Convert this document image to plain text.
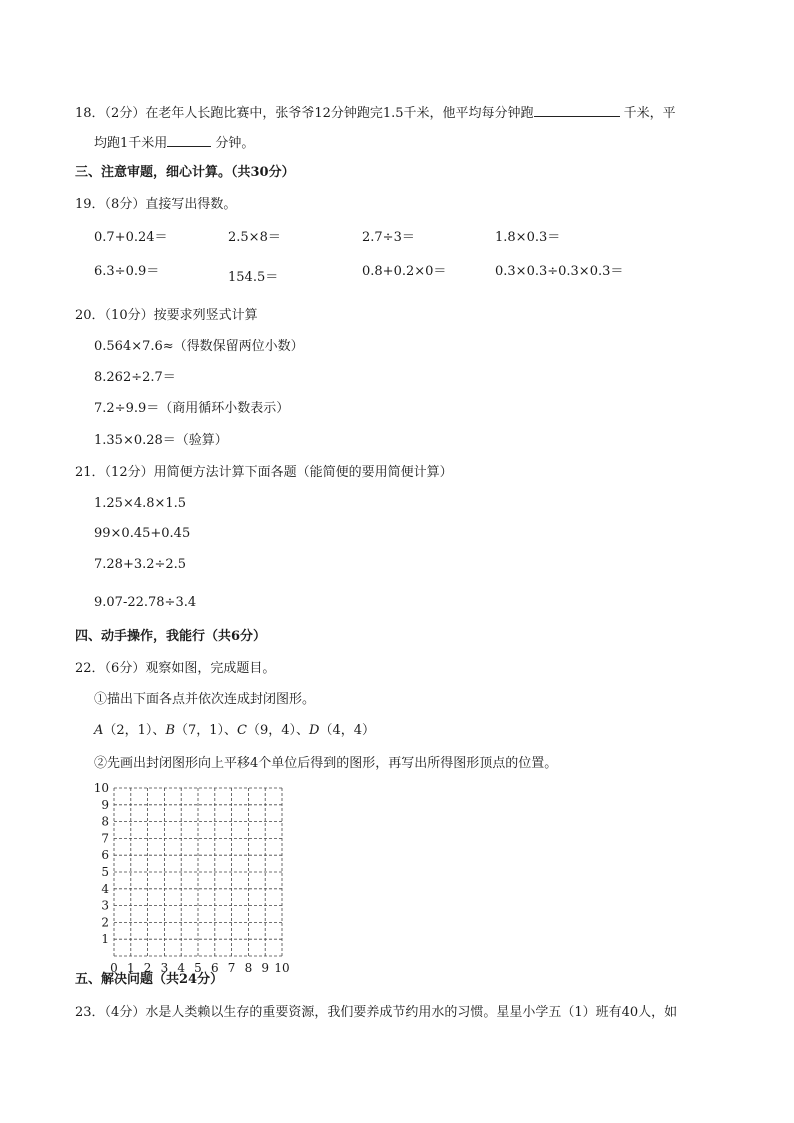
18．（2分）在老年人长跑比赛中，张爷爷12分钟跑完1.5千米，他平均每分钟跑	千米，平
均跑1千米用	分钟。
三、注意审题，细心计算。（共30分）
19．（8分）直接写出得数。
0.7+0.24＝	2.5×8＝	2.7÷3＝	1.8×0.3＝
6.3÷0.9＝	154.5＝	0.8+0.2×0＝	0.3×0.3÷0.3×0.3＝
20．（10分）按要求列竖式计算
0.564×7.6≈（得数保留两位小数）
8.262÷2.7＝
7.2÷9.9＝（商用循环小数表示）
1.35×0.28＝（验算）
21．（12分）用简便方法计算下面各题（能简便的要用简便计算）
1.25×4.8×1.5
99×0.45+0.45
7.28+3.2÷2.5
9.07-22.78÷3.4
四、动手操作，我能行（共6分）
22．（6分）观察如图，完成题目。
①描出下面各点并依次连成封闭图形。
A（2，1）、B（7，1）、C（9，4）、D（4，4）
②先画出封闭图形向上平移4个单位后得到的图形，再写出所得图形顶点的位置。
10
9
8
7
6
5
4
3
2
1
0 1 2 3 4 5 6 7 8 9 10
五、解决问题（共24分）
23．（4分）水是人类赖以生存的重要资源，我们要养成节约用水的习惯。星星小学五（1）班有40人，如
